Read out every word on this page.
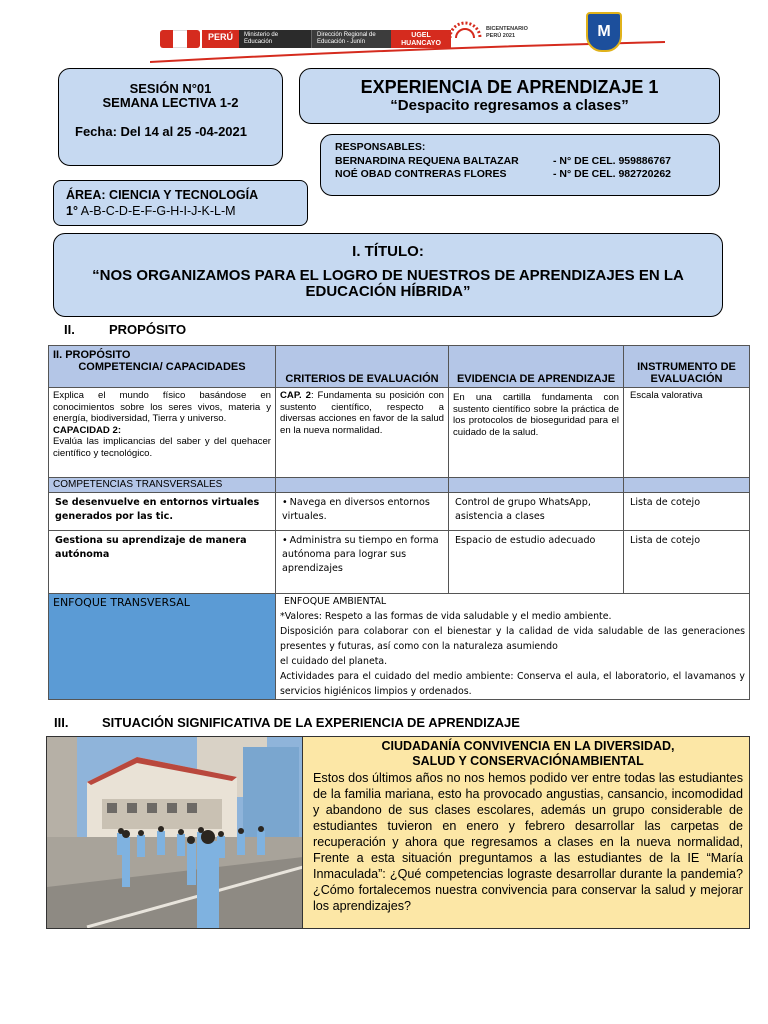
PERÚ	Ministerio de Educación
Dirección Regional de Educación - Junín
UGEL HUANCAYO
BICENTENARIO PERÚ 2021	M
SESIÓN N°01
SEMANA LECTIVA 1-2
Fecha: Del 14 al 25 -04-2021
EXPERIENCIA DE APRENDIZAJE 1
“Despacito regresamos a clases”
RESPONSABLES:
BERNARDINA REQUENA BALTAZAR	- N° DE CEL. 959886767
NOÉ OBAD CONTRERAS FLORES	- N° DE CEL. 982720262
ÁREA: CIENCIA Y TECNOLOGÍA
1° A-B-C-D-E-F-G-H-I-J-K-L-M
I. TÍTULO:
“NOS ORGANIZAMOS PARA EL LOGRO DE NUESTROS DE APRENDIZAJES EN LA EDUCACIÓN HÍBRIDA”
II.	PROPÓSITO
II. PROPÓSITO
COMPETENCIA/ CAPACIDADES	CRITERIOS DE EVALUACIÓN	EVIDENCIA DE APRENDIZAJE	INSTRUMENTO DE EVALUACIÓN

Explica el mundo físico basándose en conocimientos sobre los seres vivos, materia y energía, biodiversidad, Tierra y universo.
CAPACIDAD 2:
Evalúa las implicancias del saber y del quehacer científico y tecnológico.	CAP. 2: Fundamenta su posición con sustento científico, respecto a diversas acciones en favor de la salud en la nueva normalidad.	En una cartilla fundamenta con sustento científico sobre la práctica de los protocolos de bioseguridad para el cuidado de la salud.	Escala valorativa

COMPETENCIAS TRANSVERSALES			
Se desenvuelve en entornos virtuales generados por las tic.	• Navega en diversos entornos virtuales.	Control de grupo WhatsApp, asistencia a clases	Lista de cotejo
Gestiona su aprendizaje de manera autónoma	• Administra su tiempo en forma autónoma para lograr sus aprendizajes	Espacio de estudio adecuado	Lista de cotejo
ENFOQUE TRANSVERSAL	ENFOQUE AMBIENTAL
*Valores: Respeto a las formas de vida saludable y el medio ambiente.
Disposición para colaborar con el bienestar y la calidad de vida saludable de las generaciones presentes y futuras, así como con la naturaleza asumiendo
el cuidado del planeta.
Actividades para el cuidado del medio ambiente: Conserva el aula, el laboratorio, el lavamanos y servicios higiénicos limpios y ordenados.		
III.	SITUACIÓN SIGNIFICATIVA DE LA EXPERIENCIA DE APRENDIZAJE
CIUDADANÍA CONVIVENCIA EN LA DIVERSIDAD,
SALUD Y CONSERVACIÓNAMBIENTAL
Estos dos últimos años no nos hemos podido ver entre todas las estudiantes de la familia mariana, esto ha provocado angustias, cansancio, incomodidad y abandono de sus clases escolares, además un grupo considerable de estudiantes tuvieron en enero y febrero desarrollar las carpetas de recuperación y ahora que regresamos a clases en la nueva normalidad, Frente a esta situación preguntamos a las estudiantes de la IE “María Inmaculada”: ¿Qué competencias lograste desarrollar durante la pandemia? ¿Cómo fortalecemos nuestra convivencia para conservar la salud y mejorar los aprendizajes?
